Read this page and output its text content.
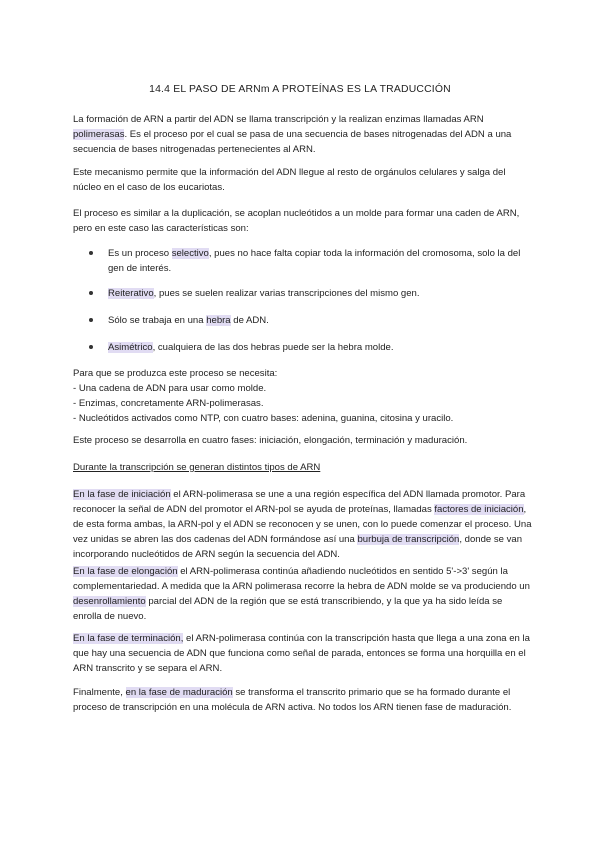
14.4 EL PASO DE ARNm A PROTEÍNAS ES LA TRADUCCIÓN

La formación de ARN a partir del ADN se llama transcripción y la realizan enzimas llamadas ARN polimerasas. Es el proceso por el cual se pasa de una secuencia de bases nitrogenadas del ADN a una secuencia de bases nitrogenadas pertenecientes al ARN.

Este mecanismo permite que la información del ADN llegue al resto de orgánulos celulares y salga del núcleo en el caso de los eucariotas.

El proceso es similar a la duplicación, se acoplan nucleótidos a un molde para formar una caden de ARN, pero en este caso las características son:

Es un proceso selectivo, pues no hace falta copiar toda la información del cromosoma, solo la del gen de interés.

Reiterativo, pues se suelen realizar varias transcripciones del mismo gen.

Sólo se trabaja en una hebra de ADN.

Asimétrico, cualquiera de las dos hebras puede ser la hebra molde.

Para que se produzca este proceso se necesita:
- Una cadena de ADN para usar como molde.
- Enzimas, concretamente ARN-polimerasas.
- Nucleótidos activados como NTP, con cuatro bases: adenina, guanina, citosina y uracilo.

Este proceso se desarrolla en cuatro fases: iniciación, elongación, terminación y maduración.

Durante la transcripción se generan distintos tipos de ARN

En la fase de iniciación el ARN-polimerasa se une a una región específica del ADN llamada promotor. Para reconocer la señal de ADN del promotor el ARN-pol se ayuda de proteínas, llamadas factores de iniciación, de esta forma ambas, la ARN-pol y el ADN se reconocen y se unen, con lo puede comenzar el proceso. Una vez unidas se abren las dos cadenas del ADN formándose así una burbuja de transcripción, donde se van incorporando nucleótidos de ARN según la secuencia del ADN.

En la fase de elongación el ARN-polimerasa continúa añadiendo nucleótidos en sentido 5'->3' según la complementariedad. A medida que la ARN polimerasa recorre la hebra de ADN molde se va produciendo un desenrollamiento parcial del ADN de la región que se está transcribiendo, y la que ya ha sido leída se enrolla de nuevo.

En la fase de terminación, el ARN-polimerasa continúa con la transcripción hasta que llega a una zona en la que hay una secuencia de ADN que funciona como señal de parada, entonces se forma una horquilla en el ARN transcrito y se separa el ARN.

Finalmente, en la fase de maduración se transforma el transcrito primario que se ha formado durante el proceso de transcripción en una molécula de ARN activa. No todos los ARN tienen fase de maduración.
